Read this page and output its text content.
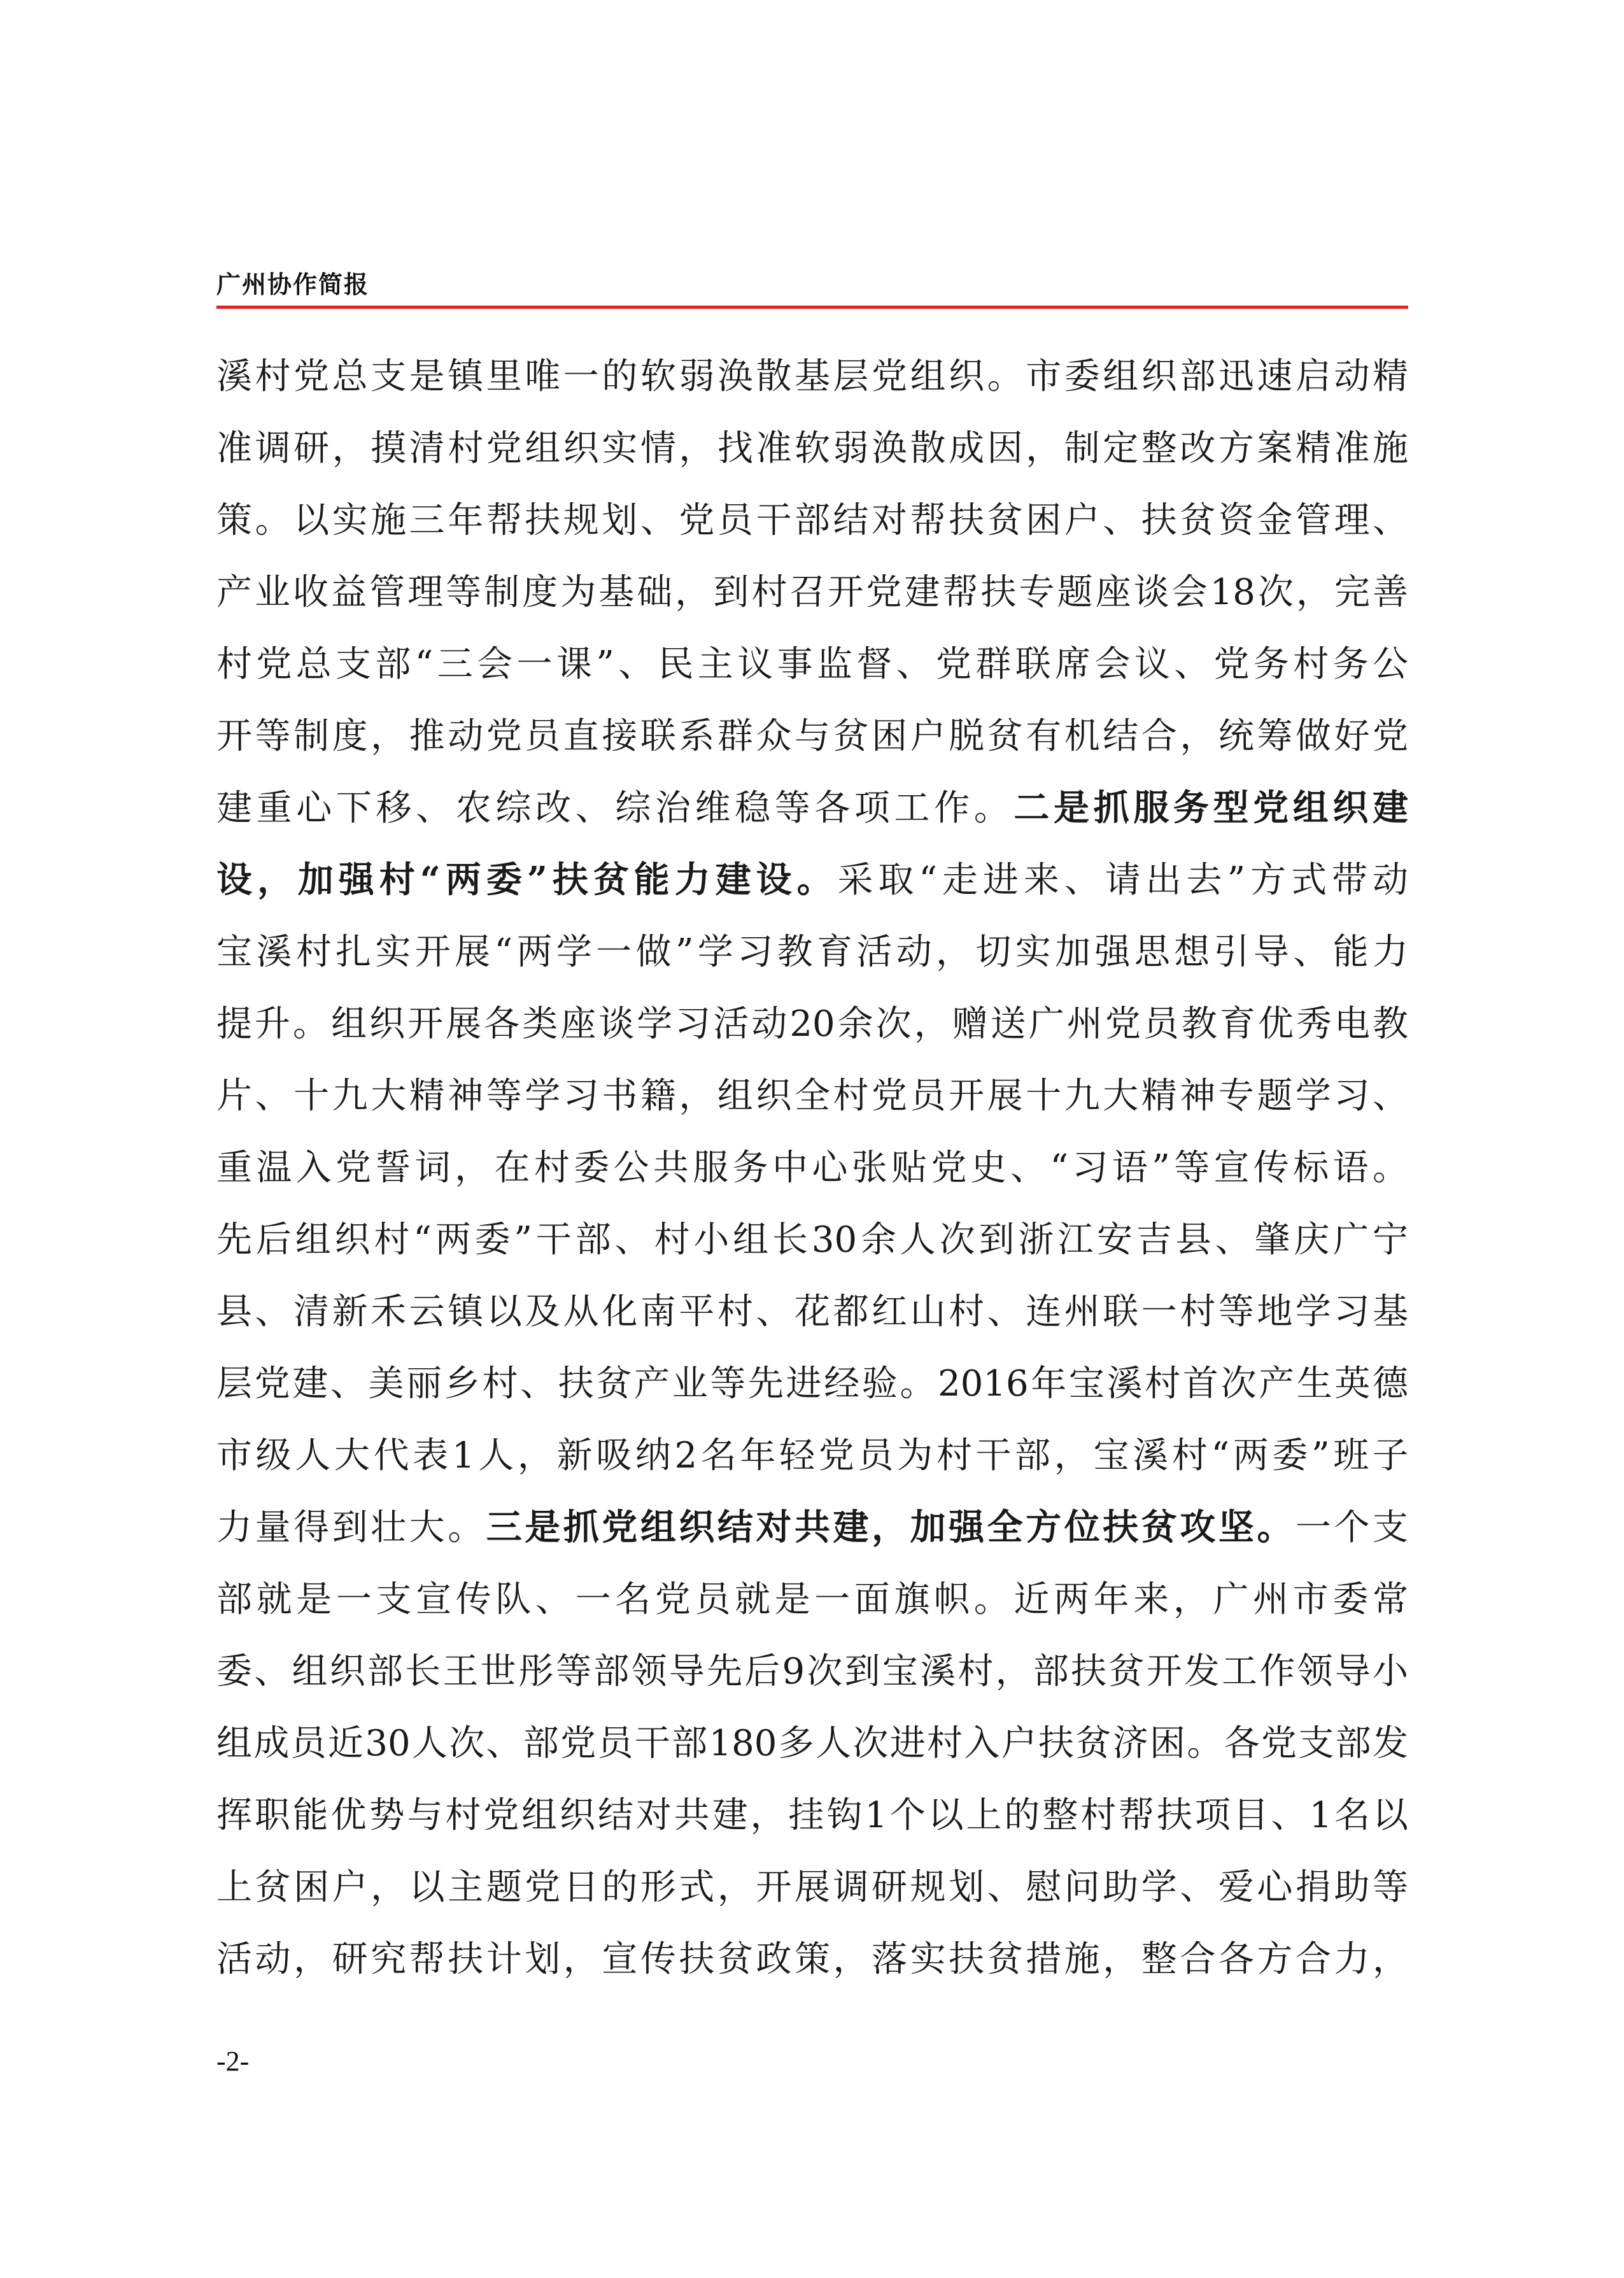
广州协作简报
溪村党总支是镇里唯一的软弱涣散基层党组织。市委组织部迅速启动精
准调研，摸清村党组织实情，找准软弱涣散成因，制定整改方案精准施
策。以实施三年帮扶规划、党员干部结对帮扶贫困户、扶贫资金管理、
产业收益管理等制度为基础，到村召开党建帮扶专题座谈会18次，完善
村党总支部“三会一课”、民主议事监督、党群联席会议、党务村务公
开等制度，推动党员直接联系群众与贫困户脱贫有机结合，统筹做好党
建重心下移、农综改、综治维稳等各项工作。二是抓服务型党组织建
设，加强村“两委”扶贫能力建设。采取“走进来、请出去”方式带动
宝溪村扎实开展“两学一做”学习教育活动，切实加强思想引导、能力
提升。组织开展各类座谈学习活动20余次，赠送广州党员教育优秀电教
片、十九大精神等学习书籍，组织全村党员开展十九大精神专题学习、
重温入党誓词，在村委公共服务中心张贴党史、“习语”等宣传标语。
先后组织村“两委”干部、村小组长30余人次到浙江安吉县、肇庆广宁
县、清新禾云镇以及从化南平村、花都红山村、连州联一村等地学习基
层党建、美丽乡村、扶贫产业等先进经验。2016年宝溪村首次产生英德
市级人大代表1人，新吸纳2名年轻党员为村干部，宝溪村“两委”班子
力量得到壮大。三是抓党组织结对共建，加强全方位扶贫攻坚。一个支
部就是一支宣传队、一名党员就是一面旗帜。近两年来，广州市委常
委、组织部长王世彤等部领导先后9次到宝溪村，部扶贫开发工作领导小
组成员近30人次、部党员干部180多人次进村入户扶贫济困。各党支部发
挥职能优势与村党组织结对共建，挂钩1个以上的整村帮扶项目、1名以
上贫困户，以主题党日的形式，开展调研规划、慰问助学、爱心捐助等
活动，研究帮扶计划，宣传扶贫政策，落实扶贫措施，整合各方合力，
-2-
